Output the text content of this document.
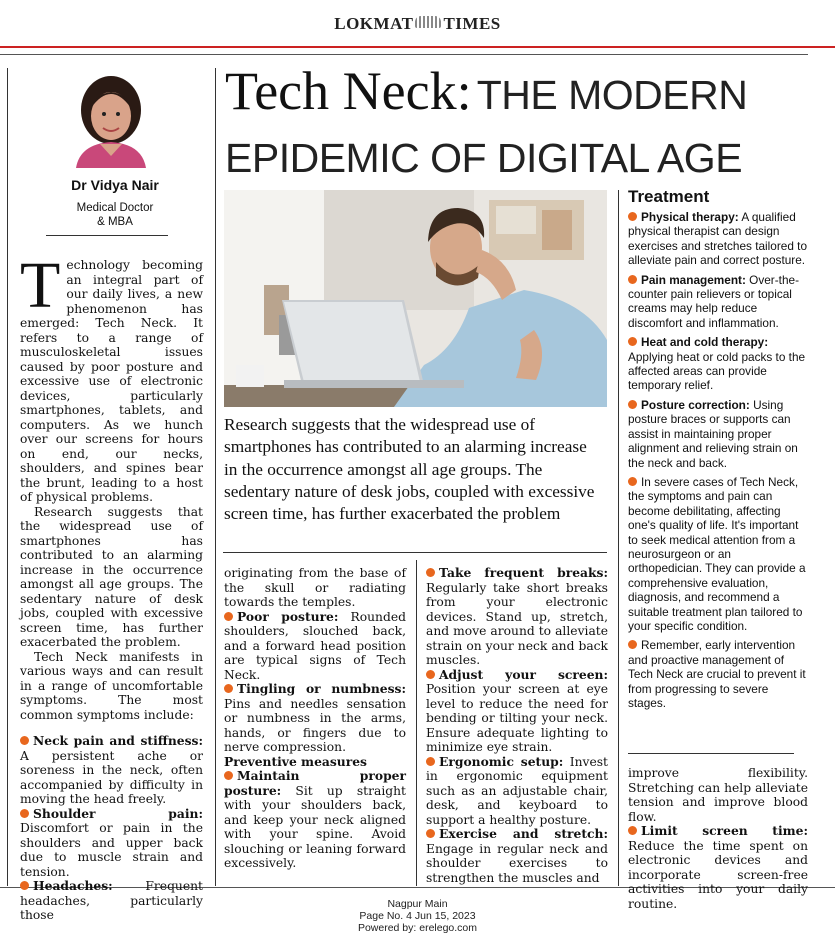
LOKMAT TIMES
Dr Vidya Nair
Medical Doctor
& MBA
Tech Neck: THE MODERN
EPIDEMIC OF DIGITAL AGE
Research suggests that the widespread use of smartphones has contributed to an alarming increase in the occurrence amongst all age groups. The sedentary nature of desk jobs, coupled with excessive screen time, has further exacerbated the problem

Technology becoming an integral part of our daily lives, a new phenomenon has emerged: Tech Neck. It refers to a range of musculoskeletal issues caused by poor posture and excessive use of electronic devices, particularly smartphones, tablets, and computers. As we hunch over our screens for hours on end, our necks, shoulders, and spines bear the brunt, leading to a host of physical problems.

Research suggests that the widespread use of smartphones has contributed to an alarming increase in the occurrence amongst all age groups. The sedentary nature of desk jobs, coupled with excessive screen time, has further exacerbated the problem.

Tech Neck manifests in various ways and can result in a range of uncomfortable symptoms. The most common symptoms include:

Neck pain and stiffness: A persistent ache or soreness in the neck, often accompanied by difficulty in moving the head freely.

Shoulder pain: Discomfort or pain in the shoulders and upper back due to muscle strain and tension.

Headaches:	Frequent headaches, particularly those

originating from the base of the skull or radiating towards the temples.

Poor posture: Rounded shoulders, slouched back, and a forward head position are typical signs of Tech Neck.

Tingling or numbness: Pins and needles sensation or numbness in the arms, hands, or fingers due to nerve compression.

Preventive measures

Maintain proper posture: Sit up straight with your shoulders back, and keep your neck aligned with your spine. Avoid slouching or leaning forward excessively.

Take frequent breaks: Regularly take short breaks from your electronic devices. Stand up, stretch, and move around to alleviate strain on your neck and back muscles.

Adjust your screen: Position your screen at eye level to reduce the need for bending or tilting your neck. Ensure adequate lighting to minimize eye strain.

Ergonomic setup: Invest in ergonomic equipment such as an adjustable chair, desk, and keyboard to support a healthy posture.

Exercise and stretch: Engage in regular neck and shoulder exercises to strengthen the muscles and

Treatment

Physical therapy: A qualified physical therapist can design exercises and stretches tailored to alleviate pain and correct posture.

Pain management: Over-the-counter pain relievers or topical creams may help reduce discomfort and inflammation.

Heat and cold therapy: Applying heat or cold packs to the affected areas can provide temporary relief.

Posture correction: Using posture braces or supports can assist in maintaining proper alignment and relieving strain on the neck and back.

In severe cases of Tech Neck, the symptoms and pain can become debilitating, affecting one's quality of life. It's important to seek medical attention from a neurosurgeon or an orthopedician. They can provide a comprehensive evaluation, diagnosis, and recommend a suitable treatment plan tailored to your specific condition.

Remember, early intervention and proactive management of Tech Neck are crucial to prevent it from progressing to severe stages.

improve flexibility. Stretching can help alleviate tension and improve blood flow.

Limit screen time: Reduce the time spent on electronic devices and incorporate screen-free activities into your daily routine.

Nagpur Main
Page No. 4 Jun 15, 2023
Powered by: erelego.com
